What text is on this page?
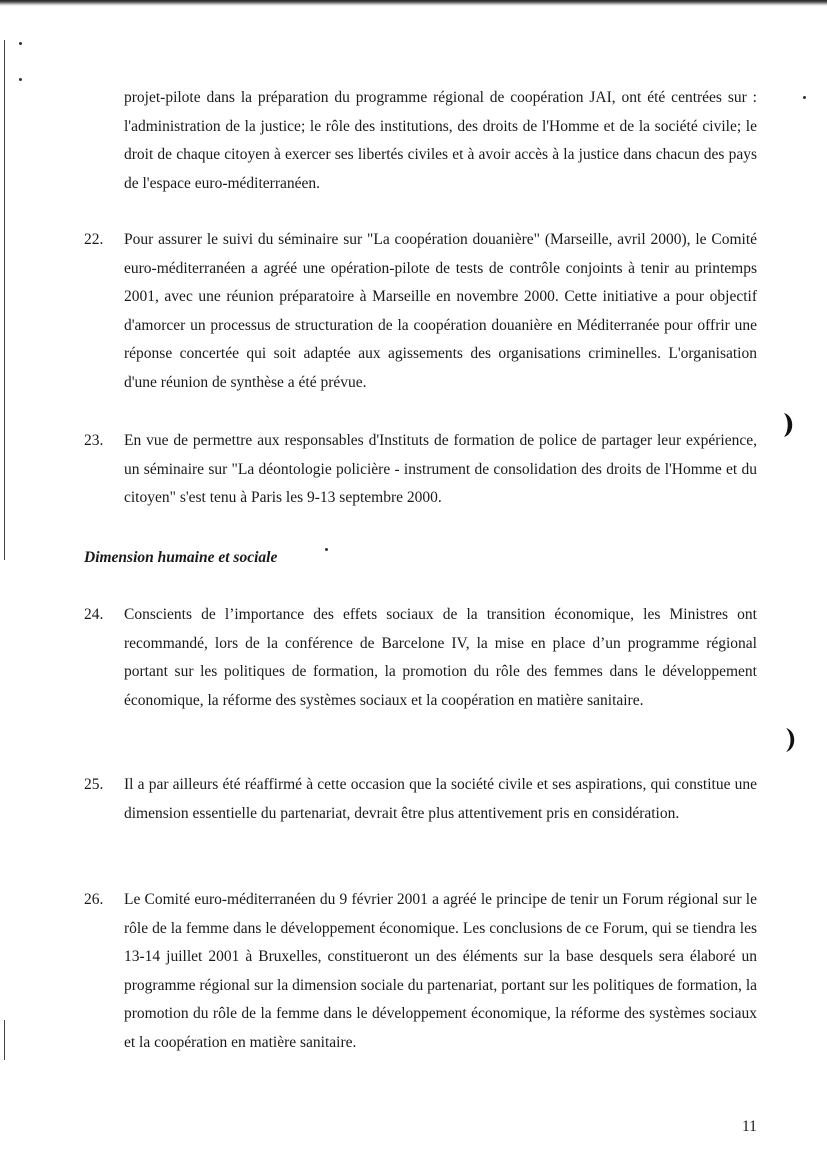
projet-pilote dans la préparation du programme régional de coopération JAI, ont été centrées sur : l'administration de la justice; le rôle des institutions, des droits de l'Homme et de la société civile; le droit de chaque citoyen à exercer ses libertés civiles et à avoir accès à la justice dans chacun des pays de l'espace euro-méditerranéen.
22. Pour assurer le suivi du séminaire sur "La coopération douanière" (Marseille, avril 2000), le Comité euro-méditerranéen a agréé une opération-pilote de tests de contrôle conjoints à tenir au printemps 2001, avec une réunion préparatoire à Marseille en novembre 2000. Cette initiative a pour objectif d'amorcer un processus de structuration de la coopération douanière en Méditerranée pour offrir une réponse concertée qui soit adaptée aux agissements des organisations criminelles. L'organisation d'une réunion de synthèse a été prévue.
23. En vue de permettre aux responsables d'Instituts de formation de police de partager leur expérience, un séminaire sur "La déontologie policière - instrument de consolidation des droits de l'Homme et du citoyen" s'est tenu à Paris les 9-13 septembre 2000.
Dimension humaine et sociale
24. Conscients de l’importance des effets sociaux de la transition économique, les Ministres ont recommandé, lors de la conférence de Barcelone IV, la mise en place d’un programme régional portant sur les politiques de formation, la promotion du rôle des femmes dans le développement économique, la réforme des systèmes sociaux et la coopération en matière sanitaire.
25. Il a par ailleurs été réaffirmé à cette occasion que la société civile et ses aspirations, qui constitue une dimension essentielle du partenariat, devrait être plus attentivement pris en considération.
26. Le Comité euro-méditerranéen du 9 février 2001 a agréé le principe de tenir un Forum régional sur le rôle de la femme dans le développement économique. Les conclusions de ce Forum, qui se tiendra les 13-14 juillet 2001 à Bruxelles, constitueront un des éléments sur la base desquels sera élaboré un programme régional sur la dimension sociale du partenariat, portant sur les politiques de formation, la promotion du rôle de la femme dans le développement économique, la réforme des systèmes sociaux et la coopération en matière sanitaire.
11
